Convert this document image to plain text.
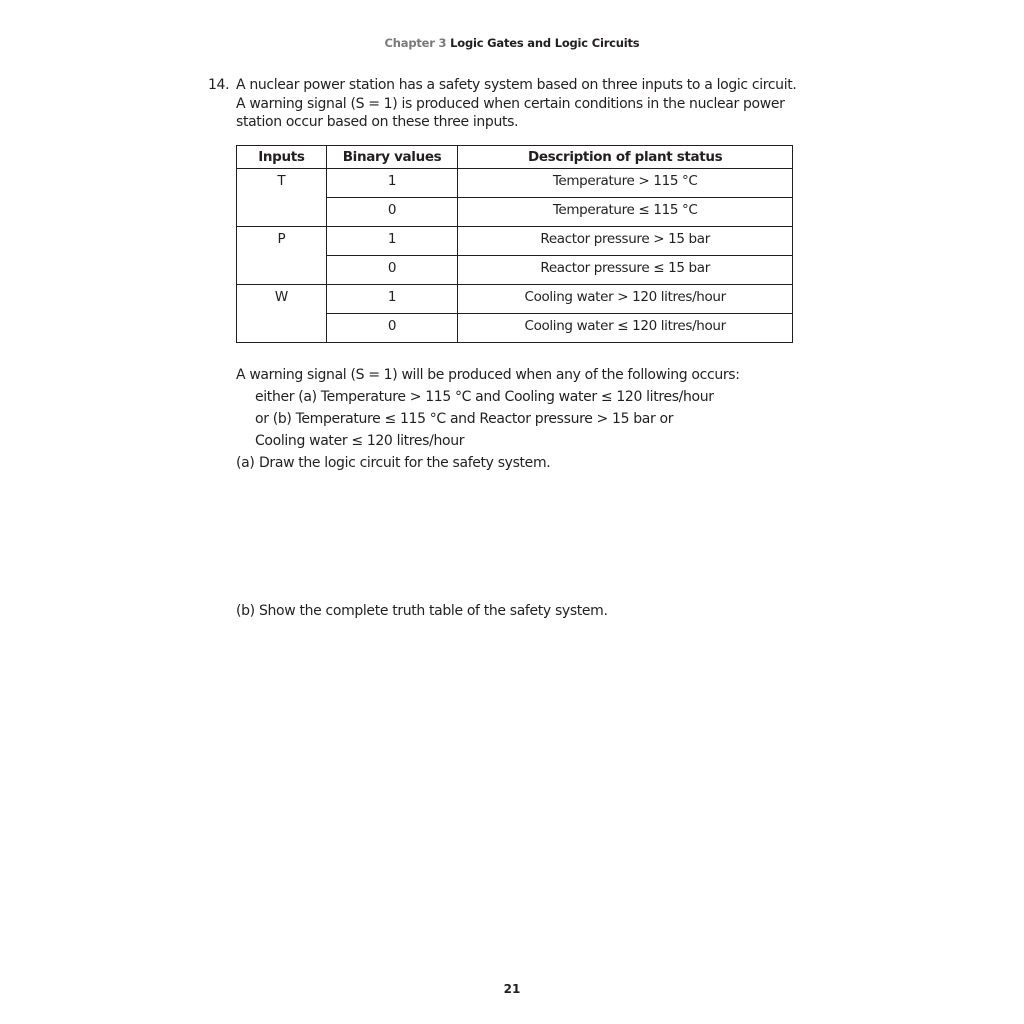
Chapter 3 Logic Gates and Logic Circuits
14. A nuclear power station has a safety system based on three inputs to a logic circuit. A warning signal (S = 1) is produced when certain conditions in the nuclear power station occur based on these three inputs.
Inputs	Binary values	Description of plant status
T	1	Temperature > 115 °C
	0	Temperature ≤ 115 °C
P	1	Reactor pressure > 15 bar
	0	Reactor pressure ≤ 15 bar
W	1	Cooling water > 120 litres/hour
	0	Cooling water ≤ 120 litres/hour
A warning signal (S = 1) will be produced when any of the following occurs:
either (a) Temperature > 115 °C and Cooling water ≤ 120 litres/hour
or (b) Temperature ≤ 115 °C and Reactor pressure > 15 bar or
Cooling water ≤ 120 litres/hour
(a) Draw the logic circuit for the safety system.
(b) Show the complete truth table of the safety system.
21
